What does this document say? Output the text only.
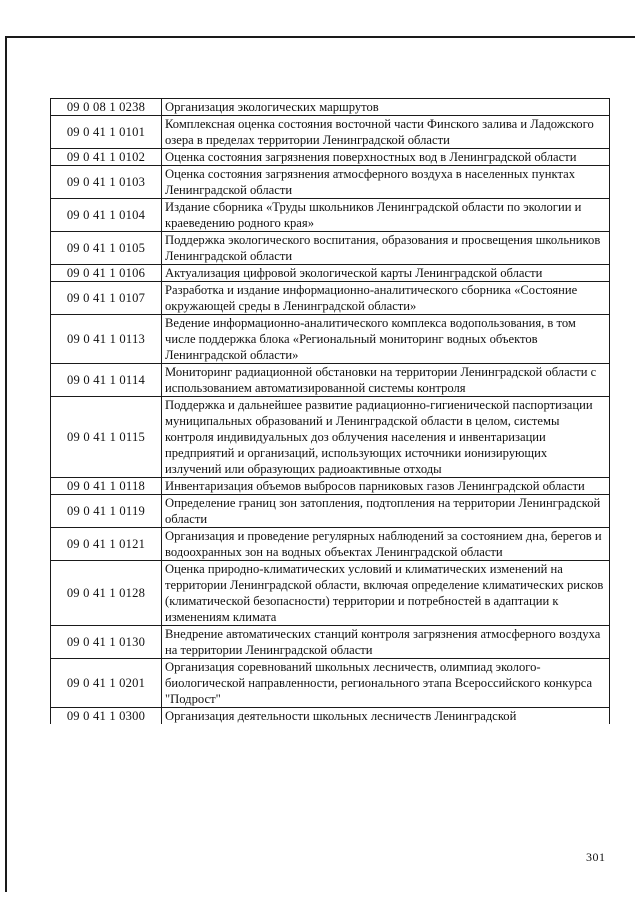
09 0 08 1 0238	Организация экологических маршрутов
09 0 41 1 0101	Комплексная оценка состояния восточной части Финского залива и Ладожского озера в пределах территории Ленинградской области
09 0 41 1 0102	Оценка состояния загрязнения поверхностных вод в Ленинградской области
09 0 41 1 0103	Оценка состояния загрязнения атмосферного воздуха в населенных пунктах Ленинградской области
09 0 41 1 0104	Издание сборника «Труды школьников Ленинградской области по экологии и краеведению родного края»
09 0 41 1 0105	Поддержка экологического воспитания, образования и просвещения школьников Ленинградской области
09 0 41 1 0106	Актуализация цифровой экологической карты Ленинградской области
09 0 41 1 0107	Разработка и издание информационно-аналитического сборника «Состояние окружающей среды в Ленинградской области»
09 0 41 1 0113	Ведение информационно-аналитического комплекса водопользования, в том числе поддержка блока «Региональный мониторинг водных объектов Ленинградской области»
09 0 41 1 0114	Мониторинг радиационной обстановки на территории Ленинградской области с использованием автоматизированной системы контроля
09 0 41 1 0115	Поддержка и дальнейшее развитие радиационно-гигиенической паспортизации муниципальных образований и Ленинградской области в целом, системы контроля индивидуальных доз облучения населения и инвентаризации предприятий и организаций, использующих источники ионизирующих излучений или образующих радиоактивные отходы
09 0 41 1 0118	Инвентаризация объемов выбросов парниковых газов Ленинградской области
09 0 41 1 0119	Определение границ зон затопления, подтопления на территории Ленинградской области
09 0 41 1 0121	Организация и проведение регулярных наблюдений за состоянием дна, берегов и водоохранных зон на водных объектах Ленинградской области
09 0 41 1 0128	Оценка природно-климатических условий и климатических изменений на территории Ленинградской области, включая определение климатических рисков (климатической безопасности) территории и потребностей в адаптации к изменениям климата
09 0 41 1 0130	Внедрение автоматических станций контроля загрязнения атмосферного воздуха на территории Ленинградской области
09 0 41 1 0201	Организация соревнований школьных лесничеств, олимпиад эколого-биологической направленности, регионального этапа Всероссийского конкурса "Подрост"
09 0 41 1 0300	Организация деятельности школьных лесничеств Ленинградской
301
